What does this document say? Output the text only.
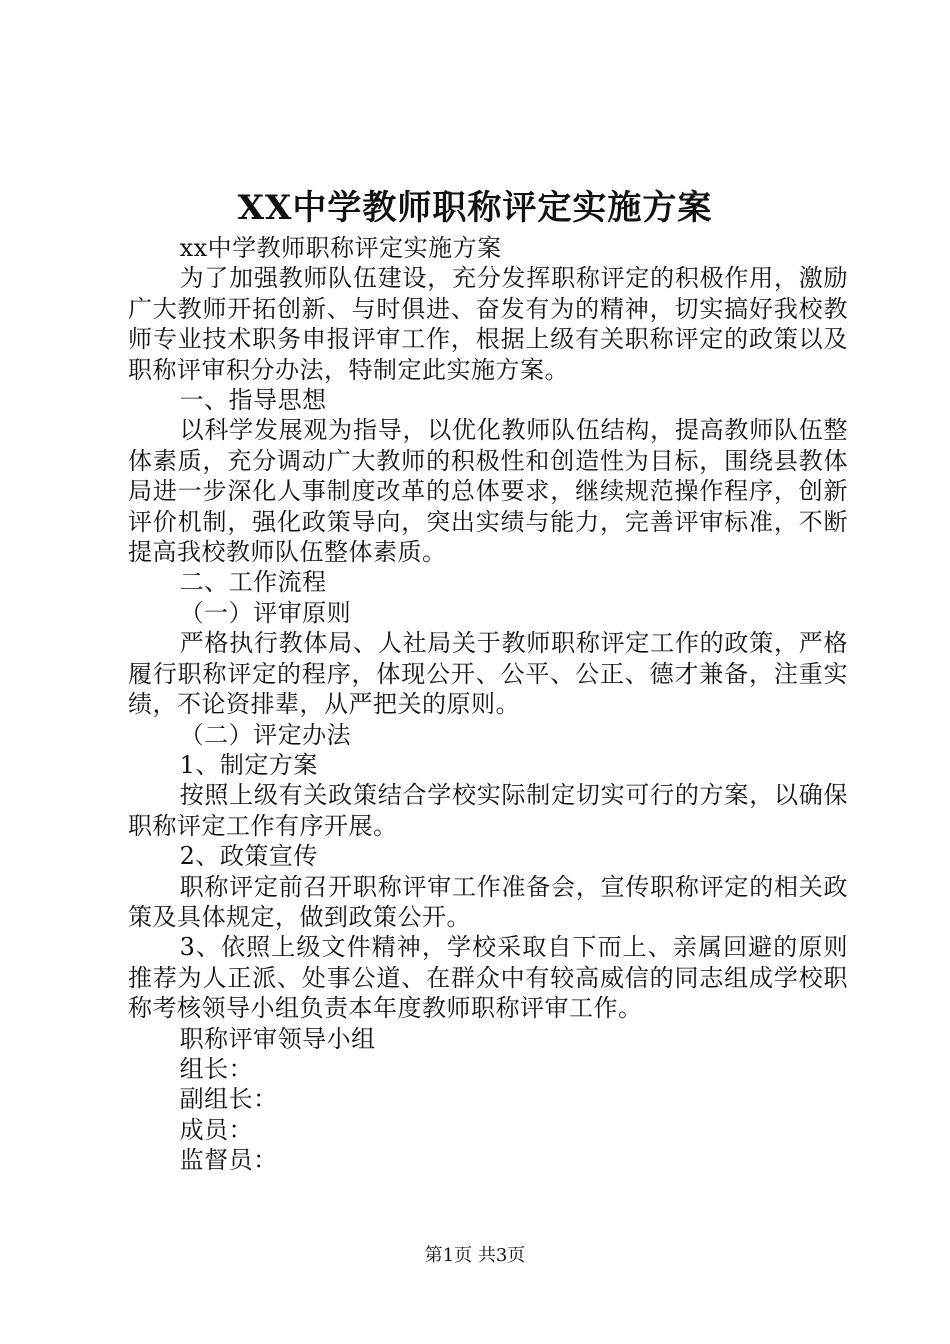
XX中学教师职称评定实施方案

xx中学教师职称评定实施方案

为了加强教师队伍建设，充分发挥职称评定的积极作用，激励广大教师开拓创新、与时俱进、奋发有为的精神，切实搞好我校教师专业技术职务申报评审工作，根据上级有关职称评定的政策以及职称评审积分办法，特制定此实施方案。

一、指导思想

以科学发展观为指导，以优化教师队伍结构，提高教师队伍整体素质，充分调动广大教师的积极性和创造性为目标，围绕县教体局进一步深化人事制度改革的总体要求，继续规范操作程序，创新评价机制，强化政策导向，突出实绩与能力，完善评审标准，不断提高我校教师队伍整体素质。

二、工作流程

（一）评审原则

严格执行教体局、人社局关于教师职称评定工作的政策，严格履行职称评定的程序，体现公开、公平、公正、德才兼备，注重实绩，不论资排辈，从严把关的原则。

（二）评定办法

1、制定方案

按照上级有关政策结合学校实际制定切实可行的方案，以确保职称评定工作有序开展。

2、政策宣传

职称评定前召开职称评审工作准备会，宣传职称评定的相关政策及具体规定，做到政策公开。

3、依照上级文件精神，学校采取自下而上、亲属回避的原则推荐为人正派、处事公道、在群众中有较高威信的同志组成学校职称考核领导小组负责本年度教师职称评审工作。

职称评审领导小组

组长：

副组长：

成员：

监督员：

第1页 共3页
